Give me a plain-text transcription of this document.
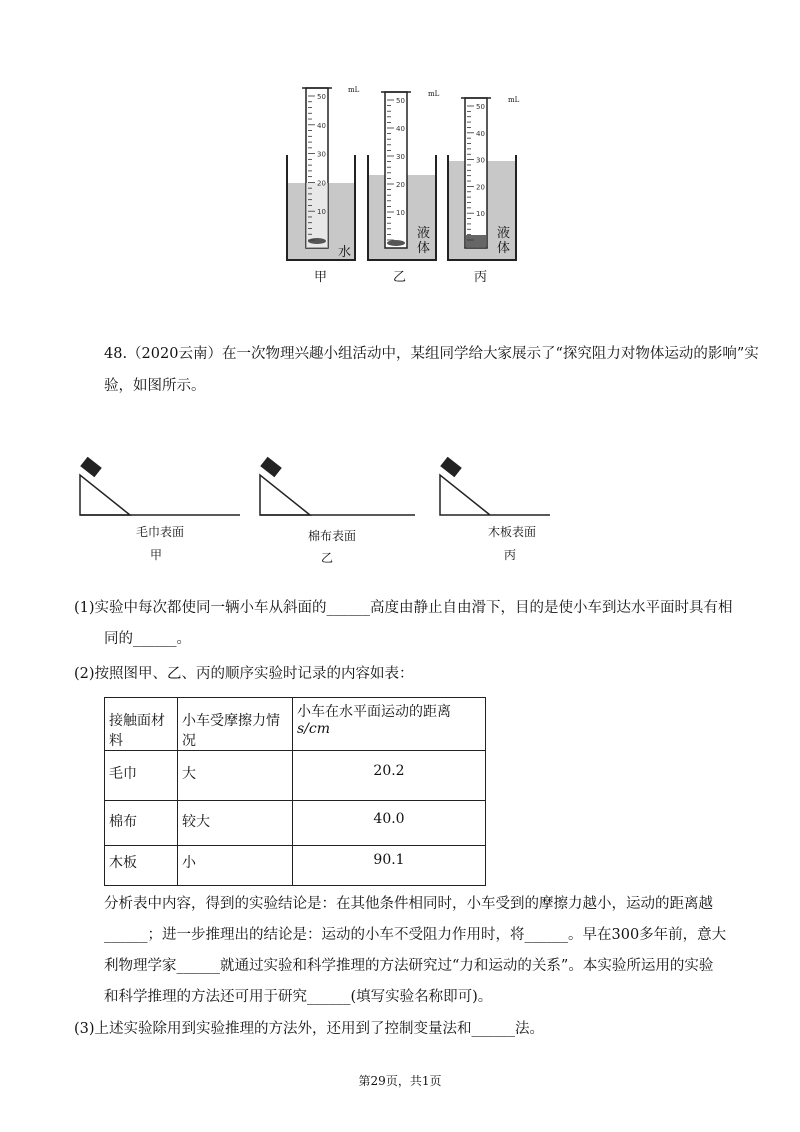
50
40
30
20
10
50
40
30
20
10
50
40
30
20
10
mL	mL
mL
水
液体
液体
甲	乙	丙
48.（2020云南）在一次物理兴趣小组活动中，某组同学给大家展示了“探究阻力对物体运动的影响”实
验，如图所示。
毛巾表面
甲
棉布表面
乙
木板表面
丙
(1)实验中每次都使同一辆小车从斜面的______高度由静止自由滑下，目的是使小车到达水平面时具有相
同的______。
(2)按照图甲、乙、丙的顺序实验时记录的内容如表：
接触面材料	小车受摩擦力情况	小车在水平面运动的距离
s/cm

毛巾	大	20.2
棉布	较大	40.0
木板	小	90.1
分析表中内容，得到的实验结论是：在其他条件相同时，小车受到的摩擦力越小，运动的距离越
______；进一步推理出的结论是：运动的小车不受阻力作用时，将______。早在300多年前，意大
利物理学家______就通过实验和科学推理的方法研究过“力和运动的关系”。本实验所运用的实验
和科学推理的方法还可用于研究______(填写实验名称即可)。
(3)上述实验除用到实验推理的方法外，还用到了控制变量法和______法。
第29页，共1页
